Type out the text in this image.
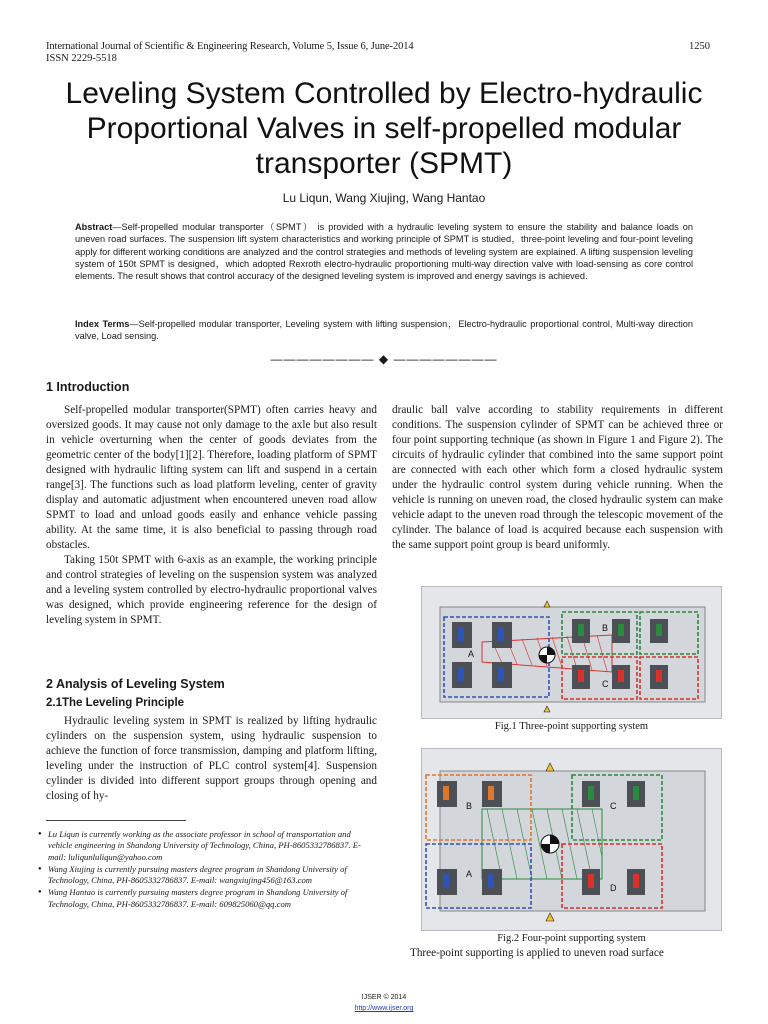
International Journal of Scientific & Engineering Research, Volume 5, Issue 6, June-2014
ISSN 2229-5518
1250
Leveling System Controlled by Electro-hydraulic Proportional Valves in self-propelled modular transporter (SPMT)
Lu Liqun, Wang Xiujing, Wang Hantao
Abstract—Self-propelled modular transporter（SPMT） is provided with a hydraulic leveling system to ensure the stability and balance loads on uneven road surfaces. The suspension lift system characteristics and working principle of SPMT is studied，three-point leveling and four-point leveling apply for different working conditions are analyzed and the control strategies and methods of leveling system are explained. A lifting suspension leveling system of 150t SPMT is designed，which adopted Rexroth electro-hydraulic proportioning multi-way direction valve with load-sensing as core control elements. The result shows that control accuracy of the designed leveling system is improved and energy savings is achieved.
Index Terms—Self-propelled modular transporter, Leveling system with lifting suspension，Electro-hydraulic proportional control, Multi-way direction valve, Load sensing.
———————— ◆ ————————
1 Introduction

Self-propelled modular transporter(SPMT) often carries heavy and oversized goods. It may cause not only damage to the axle but also result in vehicle overturning when the center of goods deviates from the geometric center of the body[1][2]. Therefore, loading platform of SPMT designed with hydraulic lifting system can lift and suspend in a certain range[3]. The functions such as load platform leveling, center of gravity display and automatic adjustment when encountered uneven road allow SPMT to load and unload goods easily and enhance vehicle passing ability. At the same time, it is also beneficial to passing through road obstacles.

Taking 150t SPMT with 6-axis as an example, the working principle and control strategies of leveling on the suspension system was analyzed and a leveling system controlled by electro-hydraulic proportional valves was designed, which provide engineering reference for the design of leveling system in SPMT.

2 Analysis of Leveling System
2.1The Leveling Principle

Hydraulic leveling system in SPMT is realized by lifting hydraulic cylinders on the suspension system, using hydraulic suspension to achieve the function of force transmission, damping and platform lifting, leveling under the instruction of PLC control system[4]. Suspension cylinder is divided into different support groups through opening and closing of hy-

draulic ball valve according to stability requirements in different conditions. The suspension cylinder of SPMT can be achieved three or four point supporting technique (as shown in Figure 1 and Figure 2). The circuits of hydraulic cylinder that combined into the same support point are connected with each other which form a closed hydraulic system under the hydraulic control system during vehicle running. When the vehicle is running on uneven road, the closed hydraulic system can make vehicle adapt to the uneven road through the telescopic movement of the cylinder. The balance of load is acquired because each suspension with the same support point group is beard uniformly.

A
B
C
Fig.1 Three-point supporting system
A
B	C
D
Fig.2 Four-point supporting system

Three-point supporting is applied to uneven road surface

● Lu Liqun is currently working as the associate professor in school of transportation and vehicle engineering in Shandong University of Technology, China, PH-8605332786837. E-mail: luliqunluliqun@yahoo.com
● Wang Xiujing is currently pursuing masters degree program in Shandong University of Technology, China, PH-8605332786837. E-mail: wangxiujing456@163.com
● Wang Hantao is currently pursuing masters degree program in Shandong University of Technology, China, PH-8605332786837. E-mail: 609825060@qq.com
IJSER © 2014
http://www.ijser.org
